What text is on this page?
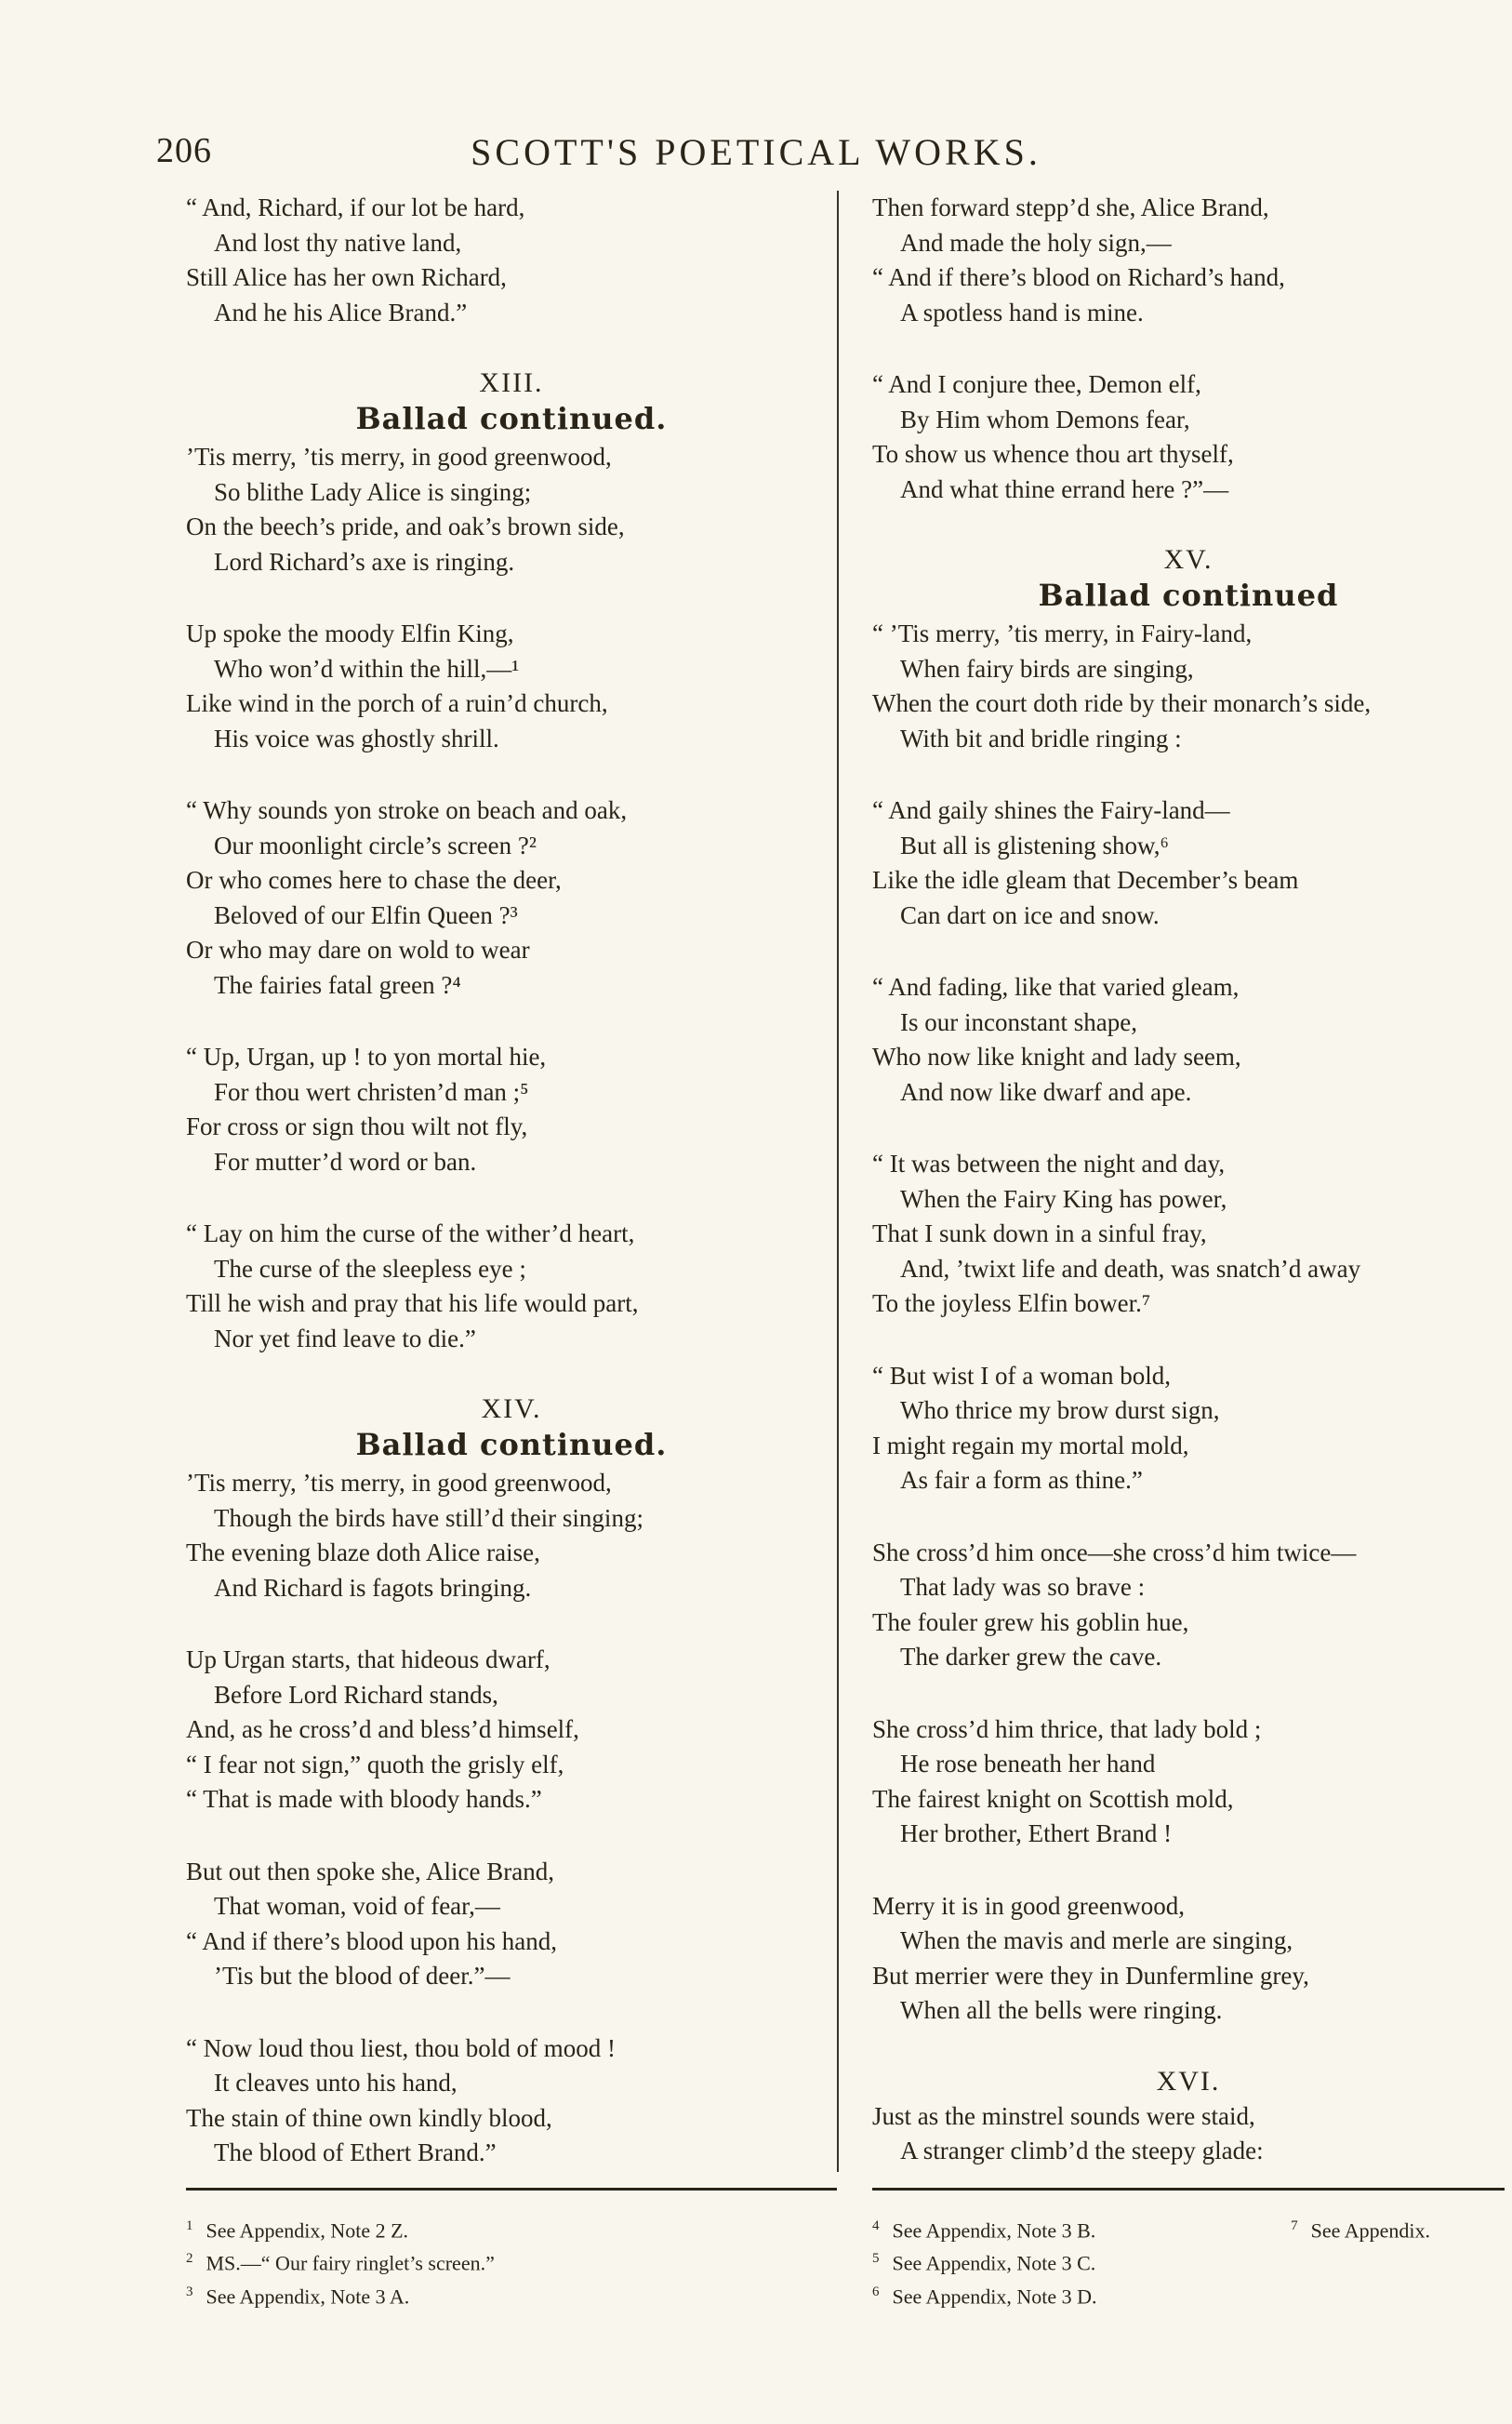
SCOTT'S POETICAL WORKS.
206
“ And, Richard, if our lot be hard,
And lost thy native land,
Still Alice has her own Richard,
And he his Alice Brand.”
XIII.
Ballad continued.
’Tis merry, ’tis merry, in good greenwood,
So blithe Lady Alice is singing;
On the beech’s pride, and oak’s brown side,
Lord Richard’s axe is ringing.
Up spoke the moody Elfin King,
Who won’d within the hill,—¹
Like wind in the porch of a ruin’d church,
His voice was ghostly shrill.
“ Why sounds yon stroke on beach and oak,
Our moonlight circle’s screen ?²
Or who comes here to chase the deer,
Beloved of our Elfin Queen ?³
Or who may dare on wold to wear
The fairies fatal green ?⁴
“ Up, Urgan, up ! to yon mortal hie,
For thou wert christen’d man ;⁵
For cross or sign thou wilt not fly,
For mutter’d word or ban.
“ Lay on him the curse of the wither’d heart,
The curse of the sleepless eye ;
Till he wish and pray that his life would part,
Nor yet find leave to die.”
XIV.
Ballad continued.
’Tis merry, ’tis merry, in good greenwood,
Though the birds have still’d their singing;
The evening blaze doth Alice raise,
And Richard is fagots bringing.
Up Urgan starts, that hideous dwarf,
Before Lord Richard stands,
And, as he cross’d and bless’d himself,
“ I fear not sign,” quoth the grisly elf,
“ That is made with bloody hands.”
But out then spoke she, Alice Brand,
That woman, void of fear,—
“ And if there’s blood upon his hand,
’Tis but the blood of deer.”—
“ Now loud thou liest, thou bold of mood !
It cleaves unto his hand,
The stain of thine own kindly blood,
The blood of Ethert Brand.”
Then forward stepp’d she, Alice Brand,
And made the holy sign,—
“ And if there’s blood on Richard’s hand,
A spotless hand is mine.
“ And I conjure thee, Demon elf,
By Him whom Demons fear,
To show us whence thou art thyself,
And what thine errand here ?”—
XV.
Ballad continued
“ ’Tis merry, ’tis merry, in Fairy-land,
When fairy birds are singing,
When the court doth ride by their monarch’s side,
With bit and bridle ringing :
“ And gaily shines the Fairy-land—
But all is glistening show,⁶
Like the idle gleam that December’s beam
Can dart on ice and snow.
“ And fading, like that varied gleam,
Is our inconstant shape,
Who now like knight and lady seem,
And now like dwarf and ape.
“ It was between the night and day,
When the Fairy King has power,
That I sunk down in a sinful fray,
And, ’twixt life and death, was snatch’d away
To the joyless Elfin bower.⁷
“ But wist I of a woman bold,
Who thrice my brow durst sign,
I might regain my mortal mold,
As fair a form as thine.”
She cross’d him once—she cross’d him twice—
That lady was so brave :
The fouler grew his goblin hue,
The darker grew the cave.
She cross’d him thrice, that lady bold ;
He rose beneath her hand
The fairest knight on Scottish mold,
Her brother, Ethert Brand !
Merry it is in good greenwood,
When the mavis and merle are singing,
But merrier were they in Dunfermline grey,
When all the bells were ringing.
XVI.
Just as the minstrel sounds were staid,
A stranger climb’d the steepy glade:
$^1$ See Appendix, Note 2 Z.
$^2$ MS.—“ Our fairy ringlet’s screen.”
$^3$ See Appendix, Note 3 A.
$^4$ See Appendix, Note 3 B.	$^7$ See Appendix.
$^5$ See Appendix, Note 3 C.
$^6$ See Appendix, Note 3 D.
